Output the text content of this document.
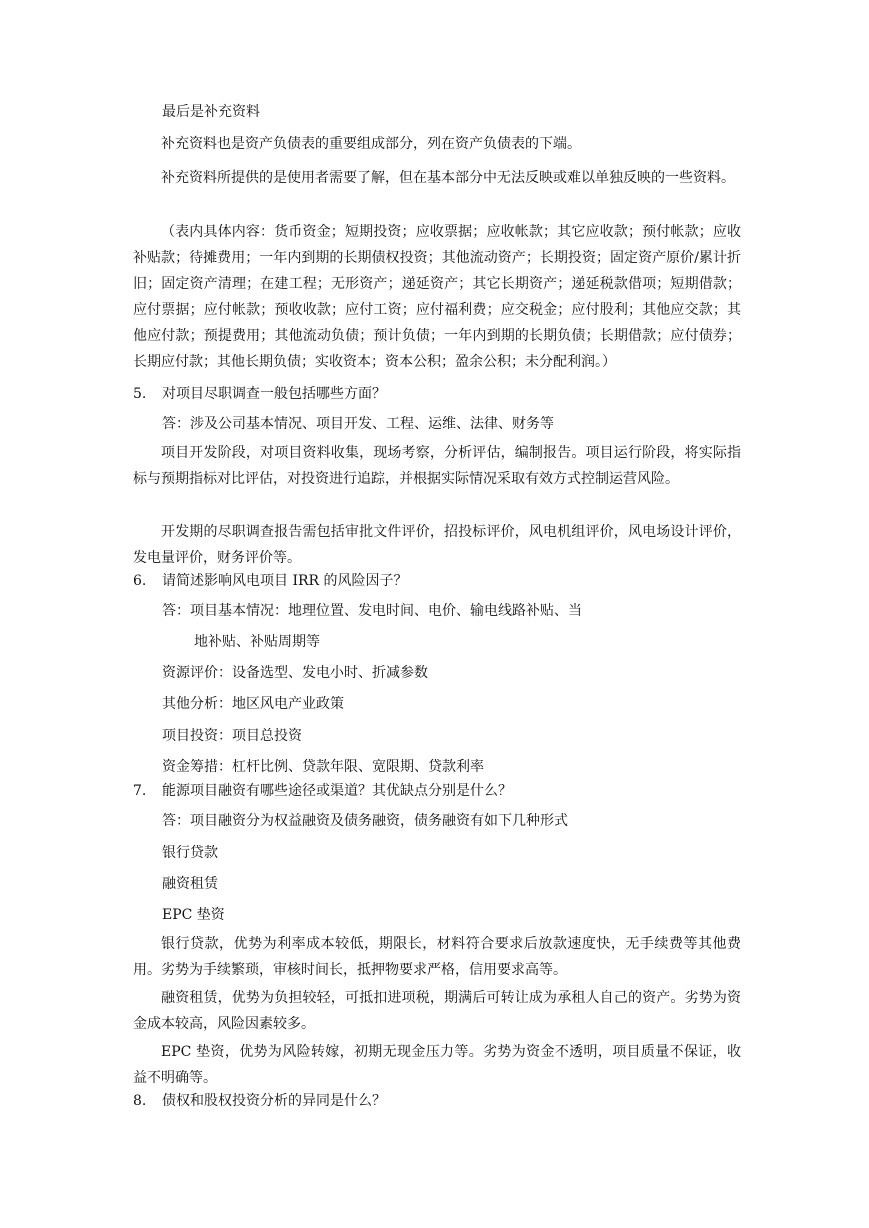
最后是补充资料

补充资料也是资产负债表的重要组成部分，列在资产负债表的下端。

补充资料所提供的是使用者需要了解，但在基本部分中无法反映或难以单独反映的一些资料。

（表内具体内容：货币资金；短期投资；应收票据；应收帐款；其它应收款；预付帐款；应收补贴款；待摊费用；一年内到期的长期债权投资；其他流动资产；长期投资；固定资产原价/累计折旧；固定资产清理；在建工程；无形资产；递延资产；其它长期资产；递延税款借项；短期借款；应付票据；应付帐款；预收收款；应付工资；应付福利费；应交税金；应付股利；其他应交款；其他应付款；预提费用；其他流动负债；预计负债；一年内到期的长期负债；长期借款；应付债券；长期应付款；其他长期负债；实收资本；资本公积；盈余公积；未分配利润。）

5. 对项目尽职调查一般包括哪些方面？
答：涉及公司基本情况、项目开发、工程、运维、法律、财务等

项目开发阶段，对项目资料收集，现场考察，分析评估，编制报告。项目运行阶段，将实际指标与预期指标对比评估，对投资进行追踪，并根据实际情况采取有效方式控制运营风险。

开发期的尽职调查报告需包括审批文件评价，招投标评价，风电机组评价，风电场设计评价，发电量评价，财务评价等。

6. 请简述影响风电项目 IRR 的风险因子？
答：项目基本情况：地理位置、发电时间、电价、输电线路补贴、当
地补贴、补贴周期等
资源评价：设备选型、发电小时、折减参数
其他分析：地区风电产业政策
项目投资：项目总投资
资金筹措：杠杆比例、贷款年限、宽限期、贷款利率
7. 能源项目融资有哪些途径或渠道？其优缺点分别是什么？
答：项目融资分为权益融资及债务融资，债务融资有如下几种形式
银行贷款
融资租赁
EPC 垫资

银行贷款，优势为利率成本较低，期限长，材料符合要求后放款速度快，无手续费等其他费用。劣势为手续繁琐，审核时间长，抵押物要求严格，信用要求高等。

融资租赁，优势为负担较轻，可抵扣进项税，期满后可转让成为承租人自己的资产。劣势为资金成本较高，风险因素较多。

EPC 垫资，优势为风险转嫁，初期无现金压力等。劣势为资金不透明，项目质量不保证，收益不明确等。

8. 债权和股权投资分析的异同是什么？
